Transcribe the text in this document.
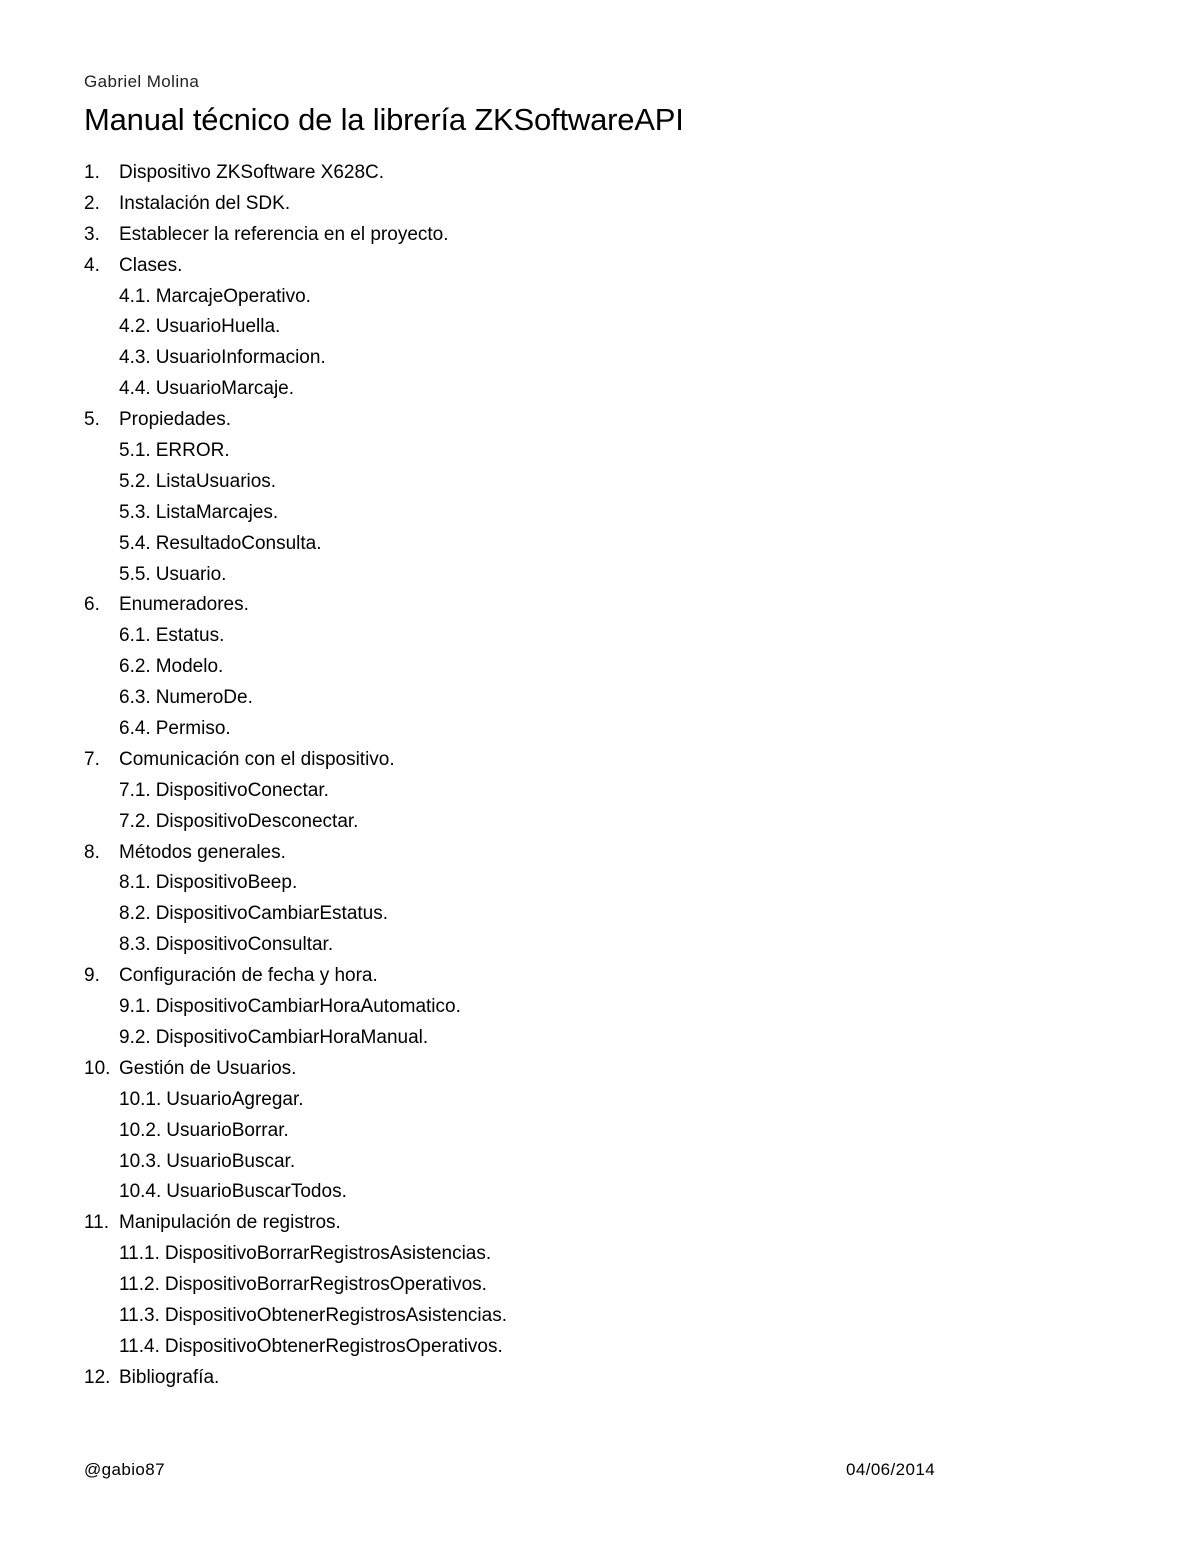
Gabriel Molina
Manual técnico de la librería ZKSoftwareAPI
1. Dispositivo ZKSoftware X628C.
2. Instalación del SDK.
3. Establecer la referencia en el proyecto.
4. Clases.
4.1. MarcajeOperativo.
4.2. UsuarioHuella.
4.3. UsuarioInformacion.
4.4. UsuarioMarcaje.
5. Propiedades.
5.1. ERROR.
5.2. ListaUsuarios.
5.3. ListaMarcajes.
5.4. ResultadoConsulta.
5.5. Usuario.
6. Enumeradores.
6.1. Estatus.
6.2. Modelo.
6.3. NumeroDe.
6.4. Permiso.
7. Comunicación con el dispositivo.
7.1. DispositivoConectar.
7.2. DispositivoDesconectar.
8. Métodos generales.
8.1. DispositivoBeep.
8.2. DispositivoCambiarEstatus.
8.3. DispositivoConsultar.
9. Configuración de fecha y hora.
9.1. DispositivoCambiarHoraAutomatico.
9.2. DispositivoCambiarHoraManual.
10. Gestión de Usuarios.
10.1. UsuarioAgregar.
10.2. UsuarioBorrar.
10.3. UsuarioBuscar.
10.4. UsuarioBuscarTodos.
11. Manipulación de registros.
11.1. DispositivoBorrarRegistrosAsistencias.
11.2. DispositivoBorrarRegistrosOperativos.
11.3. DispositivoObtenerRegistrosAsistencias.
11.4. DispositivoObtenerRegistrosOperativos.
12. Bibliografía.
@gabio87	04/06/2014
